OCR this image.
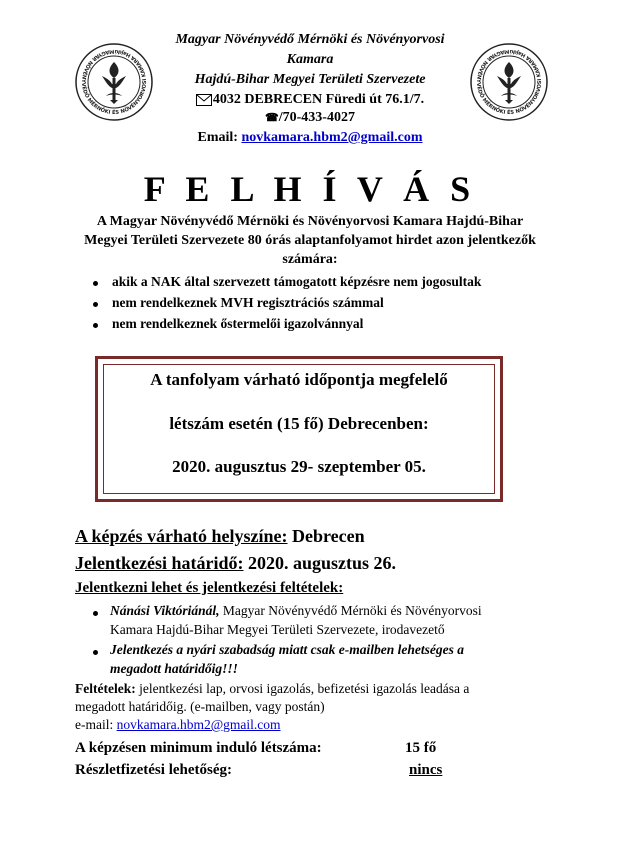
MAGYAR NÖVÉNYVÉDŐ MÉRNÖKI ÉS NÖVÉNYORVOSI KAMARA Hajdú	MAGYAR NÖVÉNYVÉDŐ MÉRNÖKI ÉS NÖVÉNYORVOSI KAMARA Hajdú
Magyar Növényvédő Mérnöki és Növényorvosi
Kamara
Hajdú-Bihar Megyei Területi Szervezete
4032 DEBRECEN Füredi út 76.1/7.
☎/70-433-4027
Email: novkamara.hbm2@gmail.com
F E L H Í V Á S
A Magyar Növényvédő Mérnöki és Növényorvosi Kamara Hajdú-Bihar
Megyei Területi Szervezete 80 órás alaptanfolyamot hirdet azon jelentkezők
számára:
akik a NAK által szervezett támogatott képzésre nem jogosultak
nem rendelkeznek MVH regisztrációs számmal
nem rendelkeznek őstermelői igazolvánnyal
A tanfolyam várható időpontja megfelelő
létszám esetén (15 fő) Debrecenben:
2020. augusztus 29- szeptember 05.
A képzés várható helyszíne: Debrecen
Jelentkezési határidő: 2020. augusztus 26.
Jelentkezni lehet és jelentkezési feltételek:
Nánási Viktóriánál, Magyar Növényvédő Mérnöki és Növényorvosi
Kamara Hajdú-Bihar Megyei Területi Szervezete, irodavezető
Jelentkezés a nyári szabadság miatt csak e-mailben lehetséges a
megadott határidőig!!!
Feltételek: jelentkezési lap, orvosi igazolás, befizetési igazolás leadása a
megadott határidőig. (e-mailben, vagy postán)
e-mail: novkamara.hbm2@gmail.com
A képzésen minimum induló létszáma:	15 fő
Részletfizetési lehetőség:	nincs
